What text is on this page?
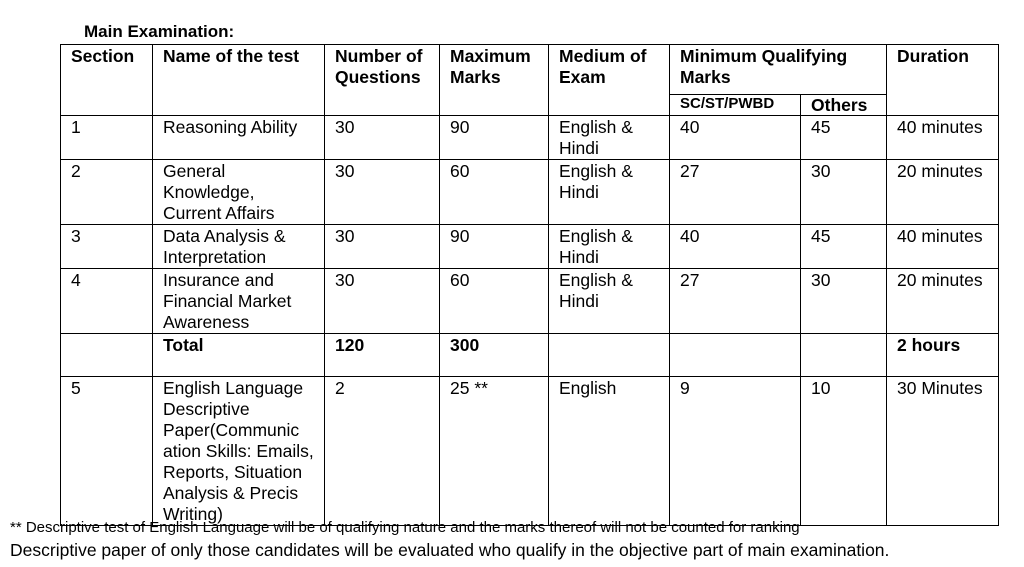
Main Examination:
Section	Name of the test	Number of Questions	Maximum Marks	Medium of Exam	Minimum Qualifying Marks		Duration
					SC/ST/PWBD	Others	
1	Reasoning Ability	30	90	English & Hindi	40	45	40 minutes
2	General Knowledge, Current Affairs	30	60	English & Hindi	27	30	20 minutes
3	Data Analysis & Interpretation	30	90	English & Hindi	40	45	40 minutes
4	Insurance and Financial Market Awareness	30	60	English & Hindi	27	30	20 minutes
	Total	120	300				2 hours
5	English Language Descriptive Paper(Communic ation Skills: Emails, Reports, Situation Analysis & Precis Writing)	2	25 **	English	9	10	30 Minutes
** Descriptive test of English Language will be of qualifying nature and the marks thereof will not be counted for ranking
Descriptive paper of only those candidates will be evaluated who qualify in the objective part of main examination.
